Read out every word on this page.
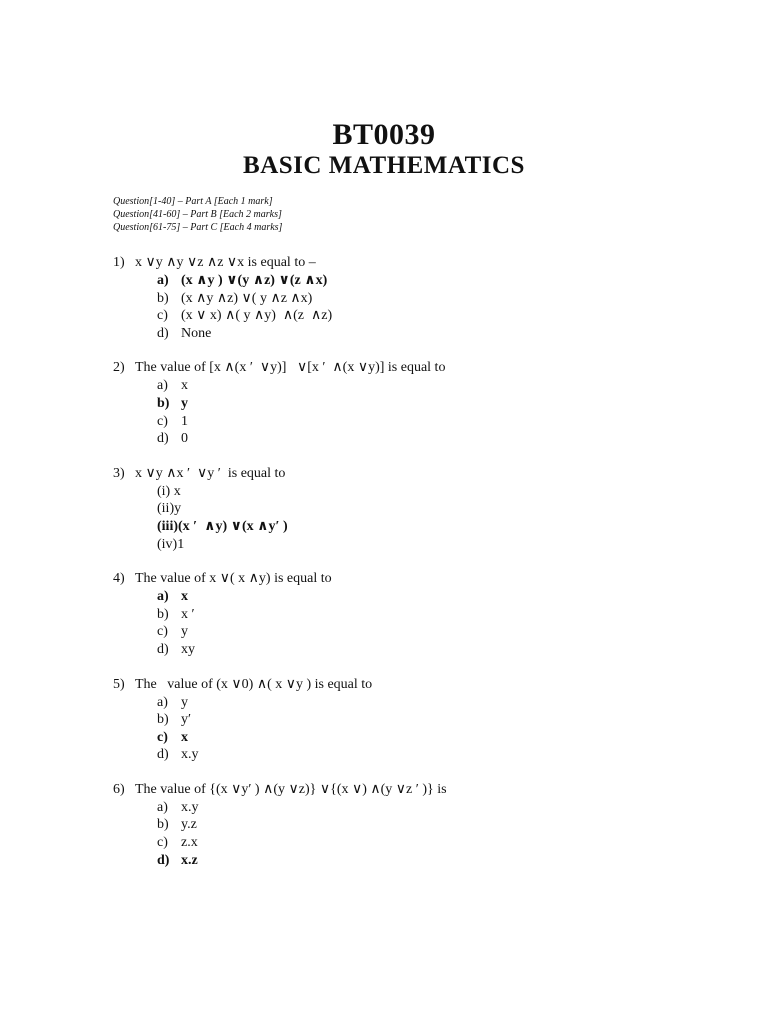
BT0039
BASIC MATHEMATICS
Question[1-40] – Part A [Each 1 mark]
Question[41-60] – Part B [Each 2 marks]
Question[61-75] – Part C [Each 4 marks]
1) x ∨y ∧y ∨z ∧z ∨x is equal to –
a) (x ∧y ) ∨(y ∧z) ∨(z ∧x)
b) (x ∧y ∧z) ∨( y ∧z ∧x)
c) (x ∨ x) ∧( y ∧y)  ∧(z  ∧z)
d) None
2) The value of [x ∧(x ′  ∨y)]   ∨[x ′  ∧(x ∨y)] is equal to
a) x
b) y
c) 1
d) 0
3) x ∨y ∧x ′  ∨y ′  is equal to
(i) x
(ii)y
(iii)(x ′  ∧y) ∨(x ∧y′ )
(iv)1
4) The value of x ∨( x ∧y) is equal to
a) x
b) x ′
c) y
d) xy
5) The   value of (x ∨0) ∧( x ∨y ) is equal to
a) y
b) y′
c) x
d) x.y
6) The value of {(x ∨y′ ) ∧(y ∨z)} ∨{(x ∨) ∧(y ∨z ′ )} is
a) x.y
b) y.z
c) z.x
d) x.z
